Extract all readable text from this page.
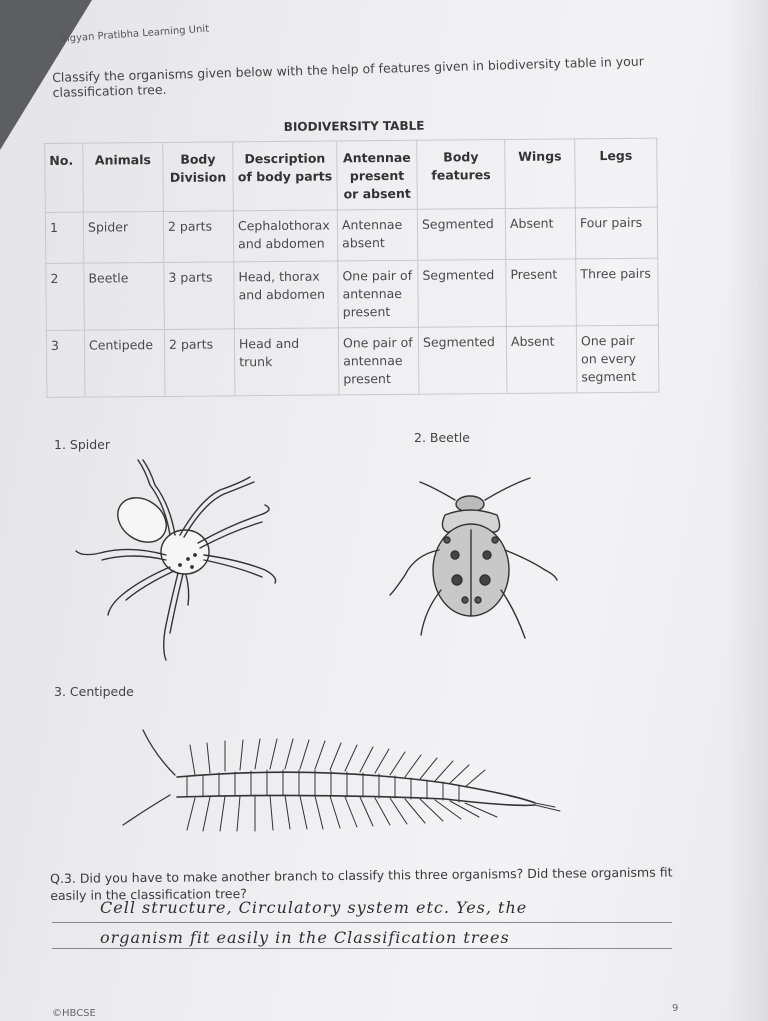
Vigyan Pratibha Learning Unit
Classify the organisms given below with the help of features given in biodiversity table in your classification tree.
BIODIVERSITY TABLE
No.	Animals	Body Division	Description of body parts	Antennae present or absent	Body features	Wings	Legs
1	Spider	2 parts	Cephalothorax and abdomen	Antennae absent	Segmented	Absent	Four pairs
2	Beetle	3 parts	Head, thorax and abdomen	One pair of antennae present	Segmented	Present	Three pairs
3	Centipede	2 parts	Head and trunk	One pair of antennae present	Segmented	Absent	One pair on every segment
1. Spider	2. Beetle
3. Centipede
Q.3. Did you have to make another branch to classify this three organisms? Did these organisms fit easily in the classification tree?
Cell structure, Circulatory system etc. Yes, the
organism fit easily in the Classification trees
©HBCSE	9
